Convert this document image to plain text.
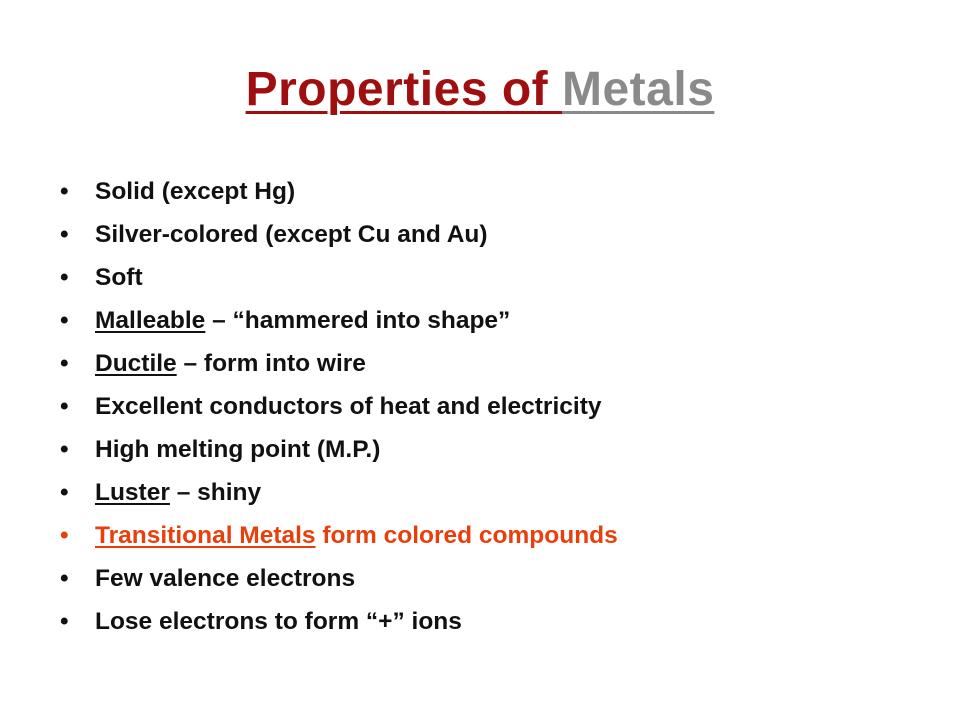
Properties of Metals
•	Solid (except Hg)
•	Silver-colored (except Cu and Au)
•	Soft
•	Malleable – “hammered into shape”
•	Ductile – form into wire
•	Excellent conductors of heat and electricity
•	High melting point (M.P.)
•	Luster – shiny
•	Transitional Metals form colored compounds
•	Few valence electrons
•	Lose electrons to form “+” ions
